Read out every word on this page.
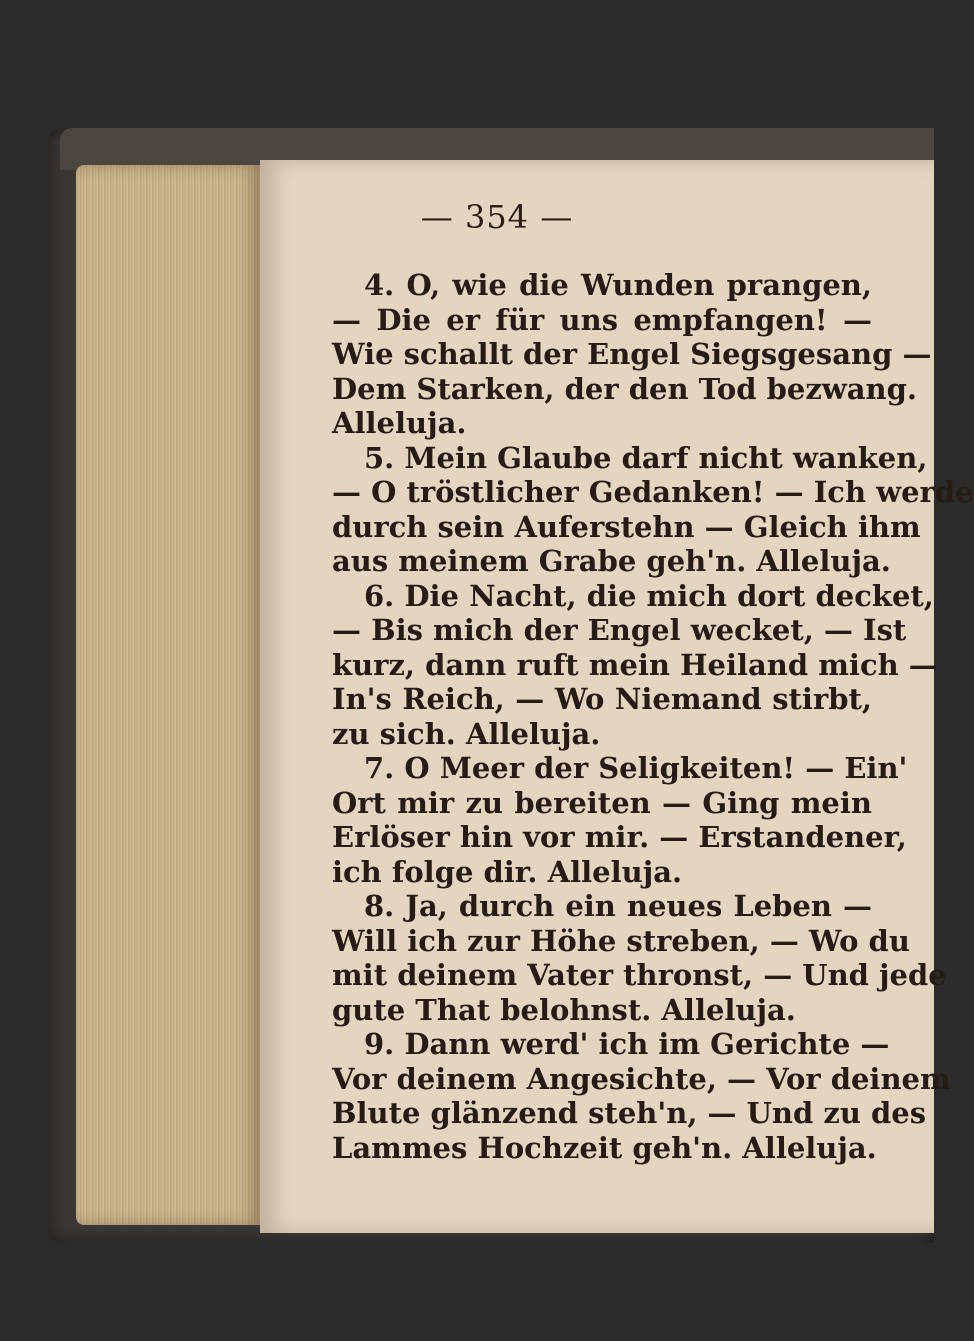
— 354 —
4. O, wie die Wunden prangen,
— Die er für uns empfangen! —
Wie schallt der Engel Siegsgesang —
Dem Starken, der den Tod bezwang.
Alleluja.
5. Mein Glaube darf nicht wanken,
— O tröstlicher Gedanken! — Ich werde
durch sein Auferstehn — Gleich ihm
aus meinem Grabe geh'n. Alleluja.
6. Die Nacht, die mich dort decket,
— Bis mich der Engel wecket, — Ist
kurz, dann ruft mein Heiland mich —
In's Reich, — Wo Niemand stirbt,
zu sich. Alleluja.
7. O Meer der Seligkeiten! — Ein'
Ort mir zu bereiten — Ging mein
Erlöser hin vor mir. — Erstandener,
ich folge dir. Alleluja.
8. Ja, durch ein neues Leben —
Will ich zur Höhe streben, — Wo du
mit deinem Vater thronst, — Und jede
gute That belohnst. Alleluja.
9. Dann werd' ich im Gerichte —
Vor deinem Angesichte, — Vor deinem
Blute glänzend steh'n, — Und zu des
Lammes Hochzeit geh'n. Alleluja.
